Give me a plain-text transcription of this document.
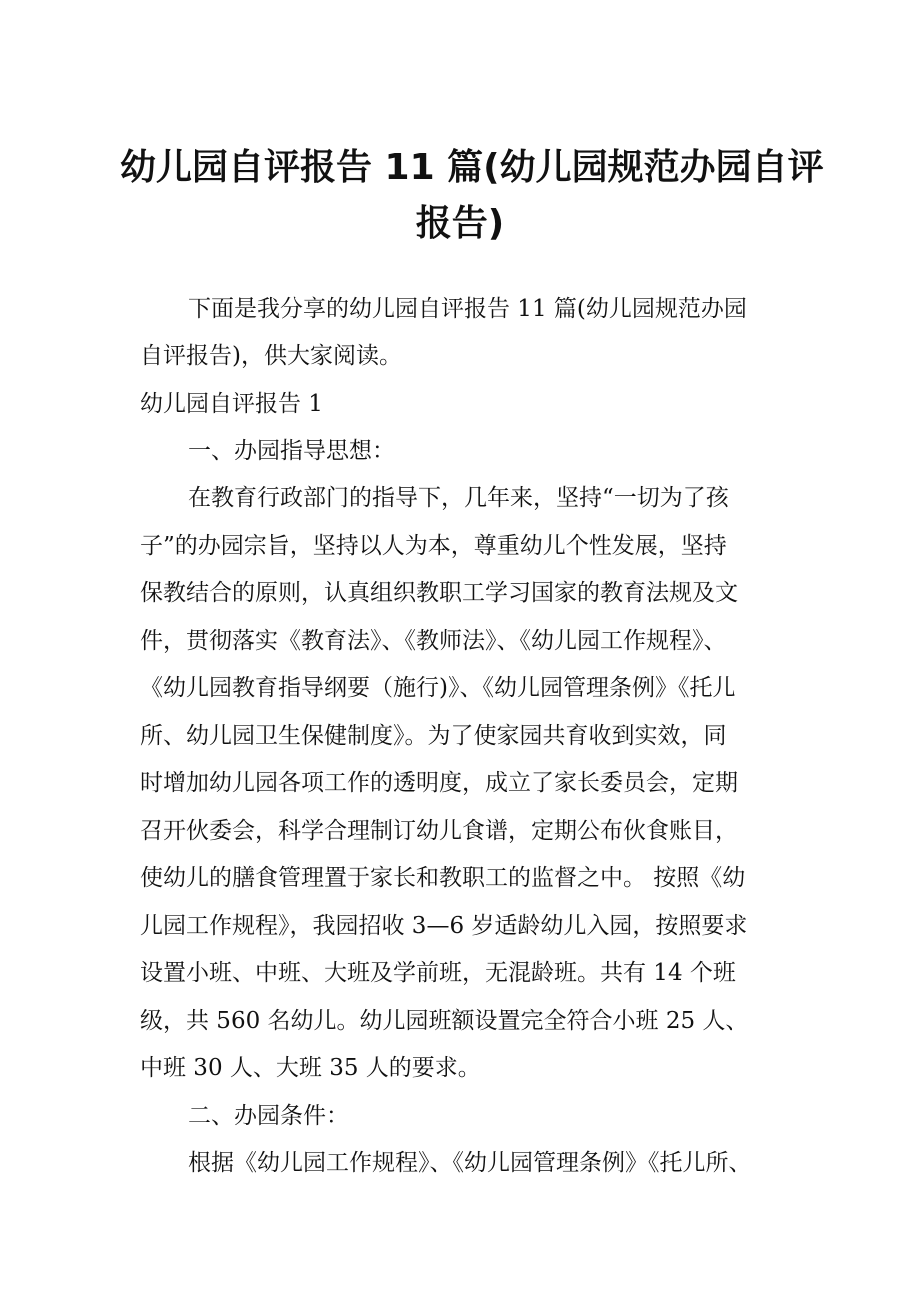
幼儿园自评报告 11 篇(幼儿园规范办园自评
报告)
下面是我分享的幼儿园自评报告 11 篇(幼儿园规范办园
自评报告)，供大家阅读。
幼儿园自评报告 1
一、办园指导思想：
在教育行政部门的指导下，几年来，坚持“一切为了孩
子”的办园宗旨，坚持以人为本，尊重幼儿个性发展，坚持
保教结合的原则，认真组织教职工学习国家的教育法规及文
件，贯彻落实《教育法》、《教师法》、《幼儿园工作规程》、
《幼儿园教育指导纲要（施行)》、《幼儿园管理条例》《托儿
所、幼儿园卫生保健制度》。为了使家园共育收到实效，同
时增加幼儿园各项工作的透明度，成立了家长委员会，定期
召开伙委会，科学合理制订幼儿食谱，定期公布伙食账目，
使幼儿的膳食管理置于家长和教职工的监督之中。 按照《幼
儿园工作规程》，我园招收 3—6 岁适龄幼儿入园，按照要求
设置小班、中班、大班及学前班，无混龄班。共有 14 个班
级，共 560 名幼儿。幼儿园班额设置完全符合小班 25 人、
中班 30 人、大班 35 人的要求。
二、办园条件：
根据《幼儿园工作规程》、《幼儿园管理条例》《托儿所、
